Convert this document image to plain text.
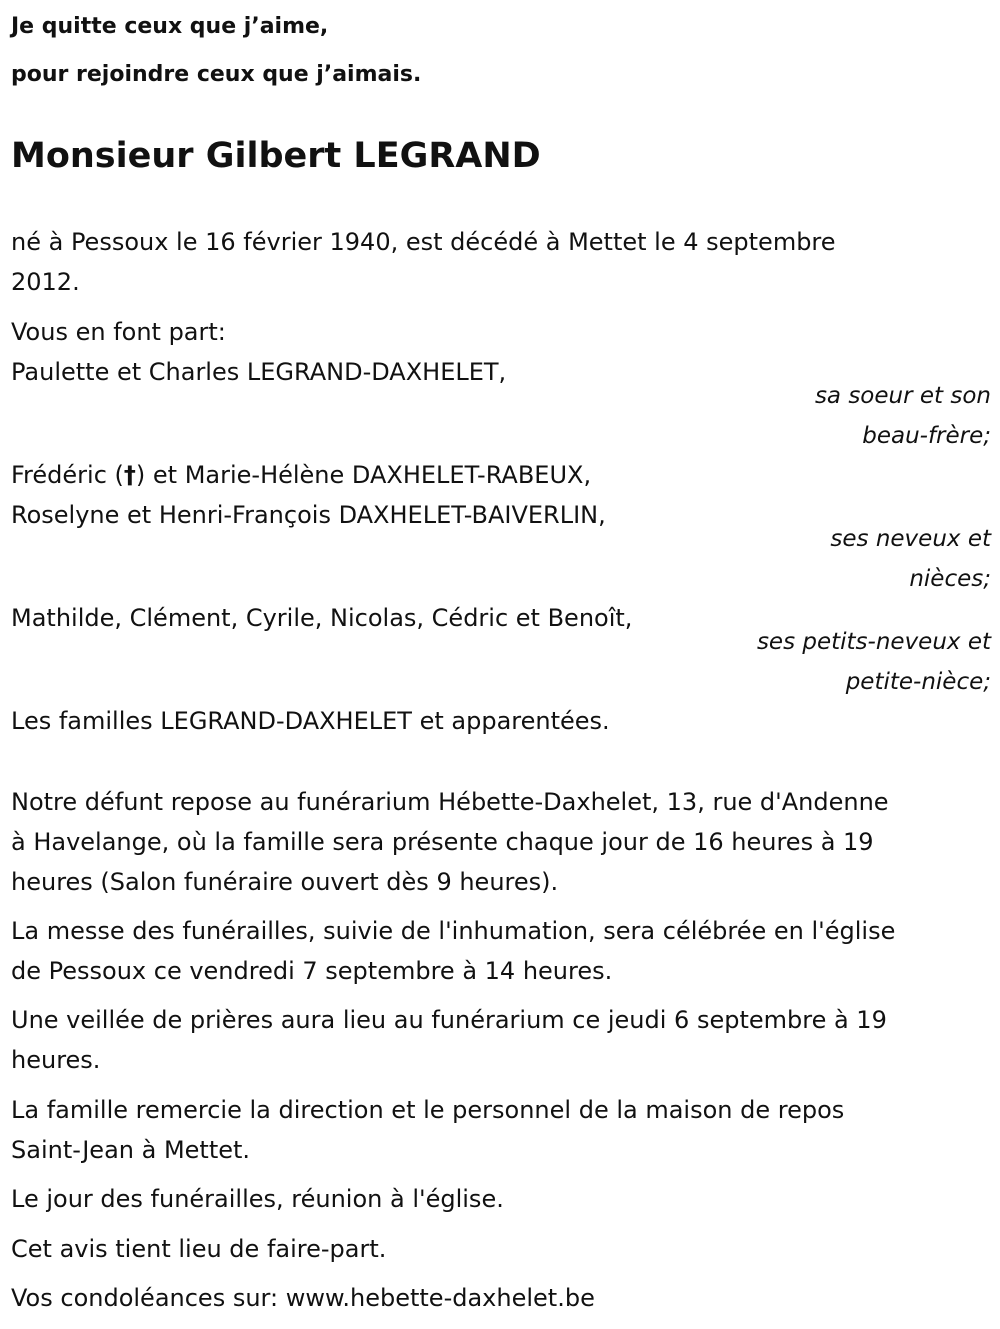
Je quitte ceux que j’aime,
pour rejoindre ceux que j’aimais.
Monsieur Gilbert LEGRAND
né à Pessoux le 16 février 1940, est décédé à Mettet le 4 septembre
2012.
Vous en font part:
Paulette et Charles LEGRAND-DAXHELET,
sa soeur et son
beau-frère;
Frédéric (†) et Marie-Hélène DAXHELET-RABEUX,
Roselyne et Henri-François DAXHELET-BAIVERLIN,
ses neveux et
nièces;
Mathilde, Clément, Cyrile, Nicolas, Cédric et Benoît,
ses petits-neveux et
petite-nièce;
Les familles LEGRAND-DAXHELET et apparentées.
Notre défunt repose au funérarium Hébette-Daxhelet, 13, rue d'Andenne
à Havelange, où la famille sera présente chaque jour de 16 heures à 19
heures (Salon funéraire ouvert dès 9 heures).
La messe des funérailles, suivie de l'inhumation, sera célébrée en l'église
de Pessoux ce vendredi 7 septembre à 14 heures.
Une veillée de prières aura lieu au funérarium ce jeudi 6 septembre à 19
heures.
La famille remercie la direction et le personnel de la maison de repos
Saint-Jean à Mettet.
Le jour des funérailles, réunion à l'église.
Cet avis tient lieu de faire-part.
Vos condoléances sur: www.hebette-daxhelet.be
